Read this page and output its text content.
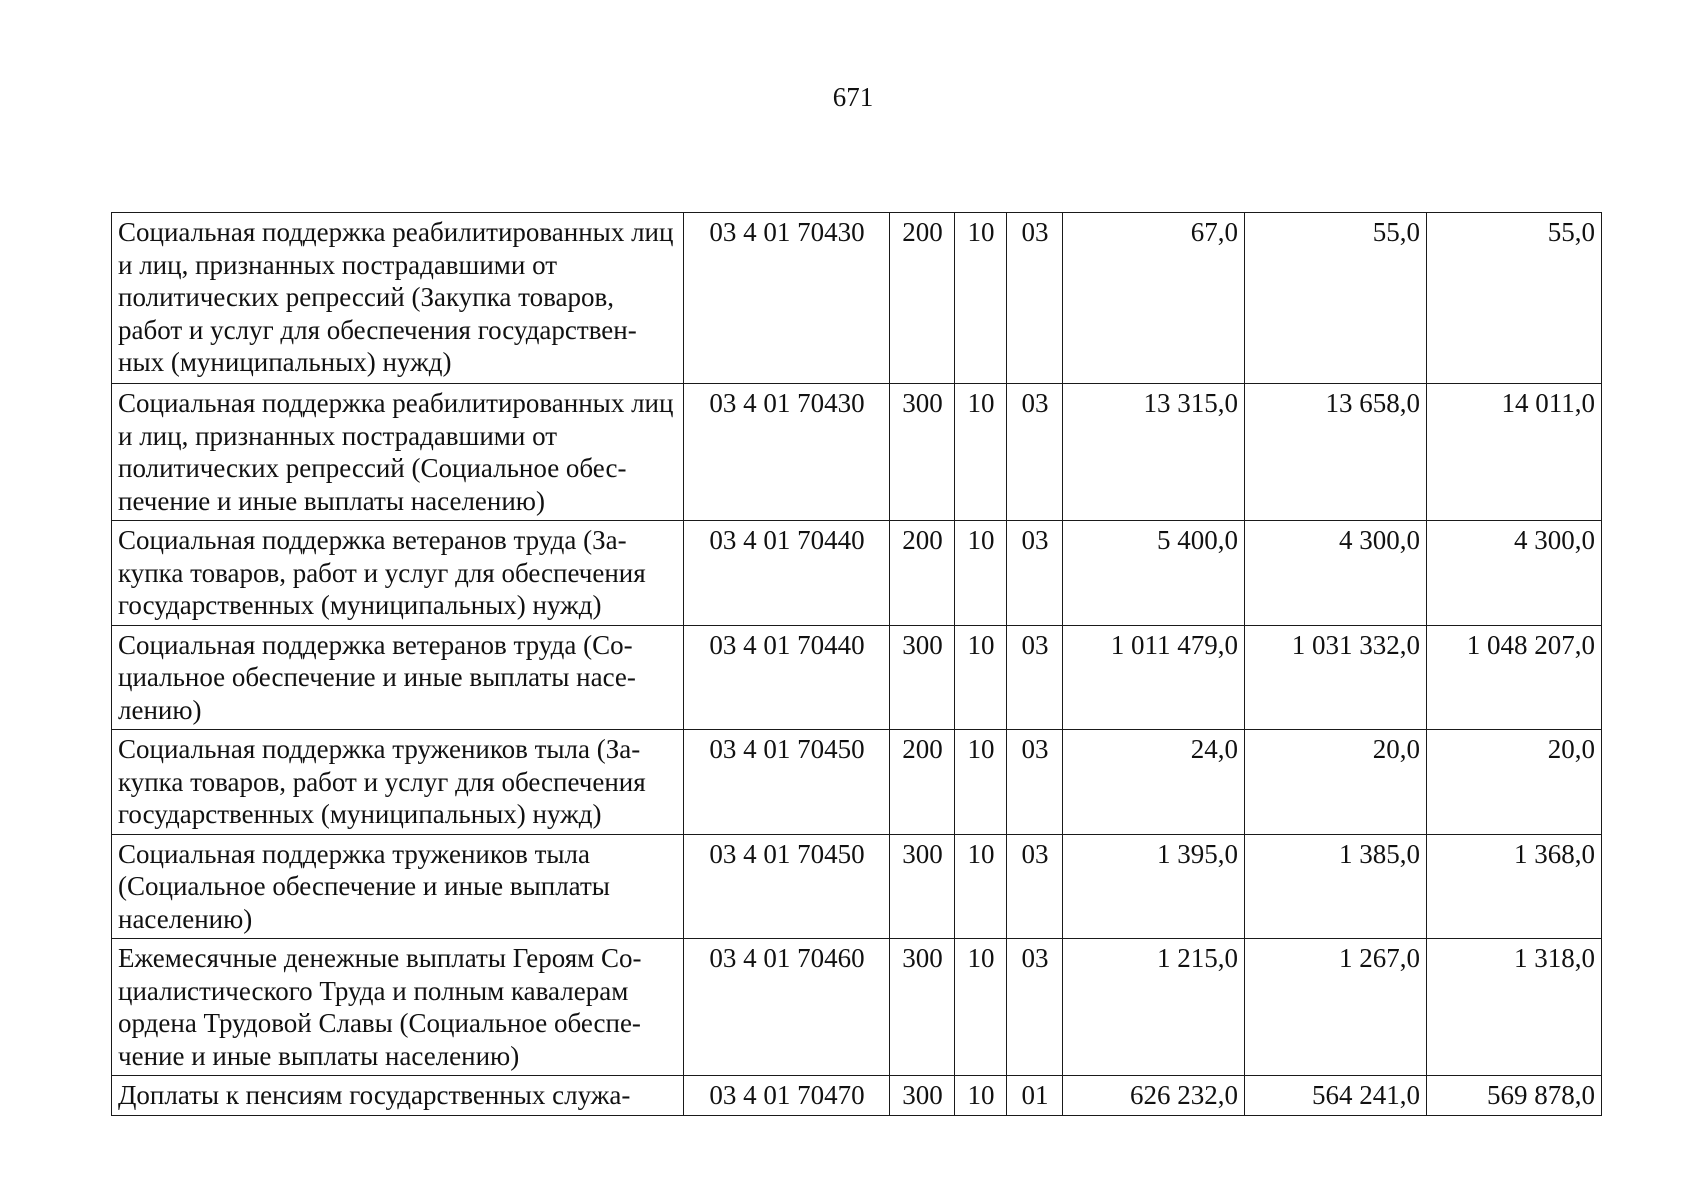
671
Социальная поддержка реабилитированных лиц и лиц, признанных пострадавшими от политических репрессий (Закупка товаров, работ и услуг для обеспечения государствен-ных (муниципальных) нужд)	03 4 01 70430	200	10	03	67,0	55,0	55,0
Социальная поддержка реабилитированных лиц и лиц, признанных пострадавшими от политических репрессий (Социальное обес-печение и иные выплаты населению)	03 4 01 70430	300	10	03	13 315,0	13 658,0	14 011,0
Социальная поддержка ветеранов труда (За-купка товаров, работ и услуг для обеспечения государственных (муниципальных) нужд)	03 4 01 70440	200	10	03	5 400,0	4 300,0	4 300,0
Социальная поддержка ветеранов труда (Со-циальное обеспечение и иные выплаты насе-лению)	03 4 01 70440	300	10	03	1 011 479,0	1 031 332,0	1 048 207,0
Социальная поддержка тружеников тыла (За-купка товаров, работ и услуг для обеспечения государственных (муниципальных) нужд)	03 4 01 70450	200	10	03	24,0	20,0	20,0
Социальная поддержка тружеников тыла (Социальное обеспечение и иные выплаты населению)	03 4 01 70450	300	10	03	1 395,0	1 385,0	1 368,0
Ежемесячные денежные выплаты Героям Со-циалистического Труда и полным кавалерам ордена Трудовой Славы (Социальное обеспе-чение и иные выплаты населению)	03 4 01 70460	300	10	03	1 215,0	1 267,0	1 318,0
Доплаты к пенсиям государственных служа-	03 4 01 70470	300	10	01	626 232,0	564 241,0	569 878,0
